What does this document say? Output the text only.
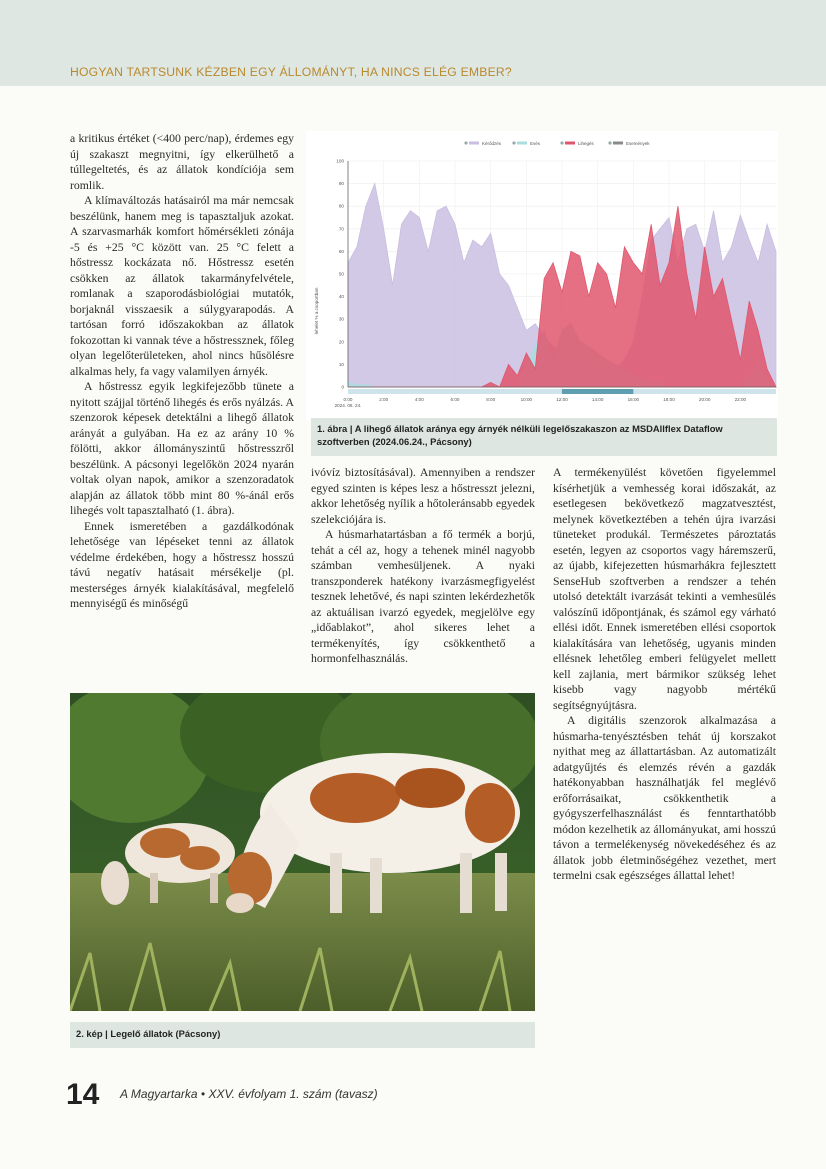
HOGYAN TARTSUNK KÉZBEN EGY ÁLLOMÁNYT, HA NINCS ELÉG EMBER?

a kritikus értéket (<400 perc/nap), érdemes egy új szakaszt megnyitni, így elkerülhető a túllegeltetés, és az állatok kondíciója sem romlik.

A klímaváltozás hatásairól ma már nemcsak beszélünk, hanem meg is tapasztaljuk azokat. A szarvasmarhák komfort hőmérsékleti zónája -5 és +25 °C között van. 25 °C felett a hőstressz kockázata nő. Hőstressz esetén csökken az állatok takarmányfelvétele, romlanak a szaporodásbiológiai mutatók, borjaknál visszaesik a súlygyarapodás. A tartósan forró időszakokban az állatok fokozottan ki vannak téve a hőstressznek, főleg olyan legelőterületeken, ahol nincs hűsölésre alkalmas hely, fa vagy valamilyen árnyék.

A hőstressz egyik legkifejezőbb tünete a nyitott szájjal történő lihegés és erős nyálzás. A szenzorok képesek detektálni a lihegő állatok arányát a gulyában. Ha ez az arány 10 % fölötti, akkor állományszintű hőstresszről beszélünk. A pácsonyi legelőkön 2024 nyarán voltak olyan napok, amikor a szenzoradatok alapján az állatok több mint 80 %-ánál erős lihegés volt tapasztalható (1. ábra).

Ennek ismeretében a gazdálkodónak lehetősége van lépéseket tenni az állatok védelme érdekében, hogy a hőstressz hosszú távú negatív hatásait mérsékelje (pl. mesterséges árnyék kialakításával, megfelelő mennyiségű és minőségű

Kérődzés	Evés	Lihegés	Események
0
10
20
30
40
50
60
70
80
90
100
0:00	2:00	4:00	6:00	8:00	10:00	12:00	14:00	16:00	18:00	20:00	22:00
2024. 06. 24.
lehelet % a csoportban
1. ábra | A lihegő állatok aránya egy árnyék nélküli legelőszakaszon az MSDAllflex Dataflow szoftverben (2024.06.24., Pácsony)

ivóvíz biztosításával). Amennyiben a rendszer egyed szinten is képes lesz a hőstresszt jelezni, akkor lehetőség nyílik a hőtoleránsabb egyedek szelekciójára is.

A húsmarhatartásban a fő termék a borjú, tehát a cél az, hogy a tehenek minél nagyobb számban vemhesüljenek. A nyaki transzponderek hatékony ivarzásmegfigyelést tesznek lehetővé, és napi szinten lekérdezhetők az aktuálisan ivarzó egyedek, megjelölve egy „időablakot”, ahol sikeres lehet a termékenyítés, így csökkenthető a hormonfelhasználás.

A termékenyülést követően figyelemmel kísérhetjük a vemhesség korai időszakát, az esetlegesen bekövetkező magzatvesztést, melynek következtében a tehén újra ivarzási tüneteket produkál. Természetes pároztatás esetén, legyen az csoportos vagy háremszerű, az újabb, kifejezetten húsmarhákra fejlesztett SenseHub szoftverben a rendszer a tehén utolsó detektált ivarzását tekinti a vemhesülés valószínű időpontjának, és számol egy várható ellési időt. Ennek ismeretében ellési csoportok kialakítására van lehetőség, ugyanis minden ellésnek lehetőleg emberi felügyelet mellett kell zajlania, mert bármikor szükség lehet kisebb vagy nagyobb mértékű segítségnyújtásra.

A digitális szenzorok alkalmazása a húsmarha-tenyésztésben tehát új korszakot nyithat meg az állattartásban. Az automatizált adatgyűjtés és elemzés révén a gazdák hatékonyabban használhatják fel meglévő erőforrásaikat, csökkenthetik a gyógyszerfelhasználást és fenntarthatóbb módon kezelhetik az állományukat, ami hosszú távon a termelékenység növekedéséhez és az állatok jobb életminőségéhez vezethet, mert termelni csak egészséges állattal lehet!

2. kép | Legelő állatok (Pácsony)
14 A Magyartarka • XXV. évfolyam 1. szám (tavasz)
